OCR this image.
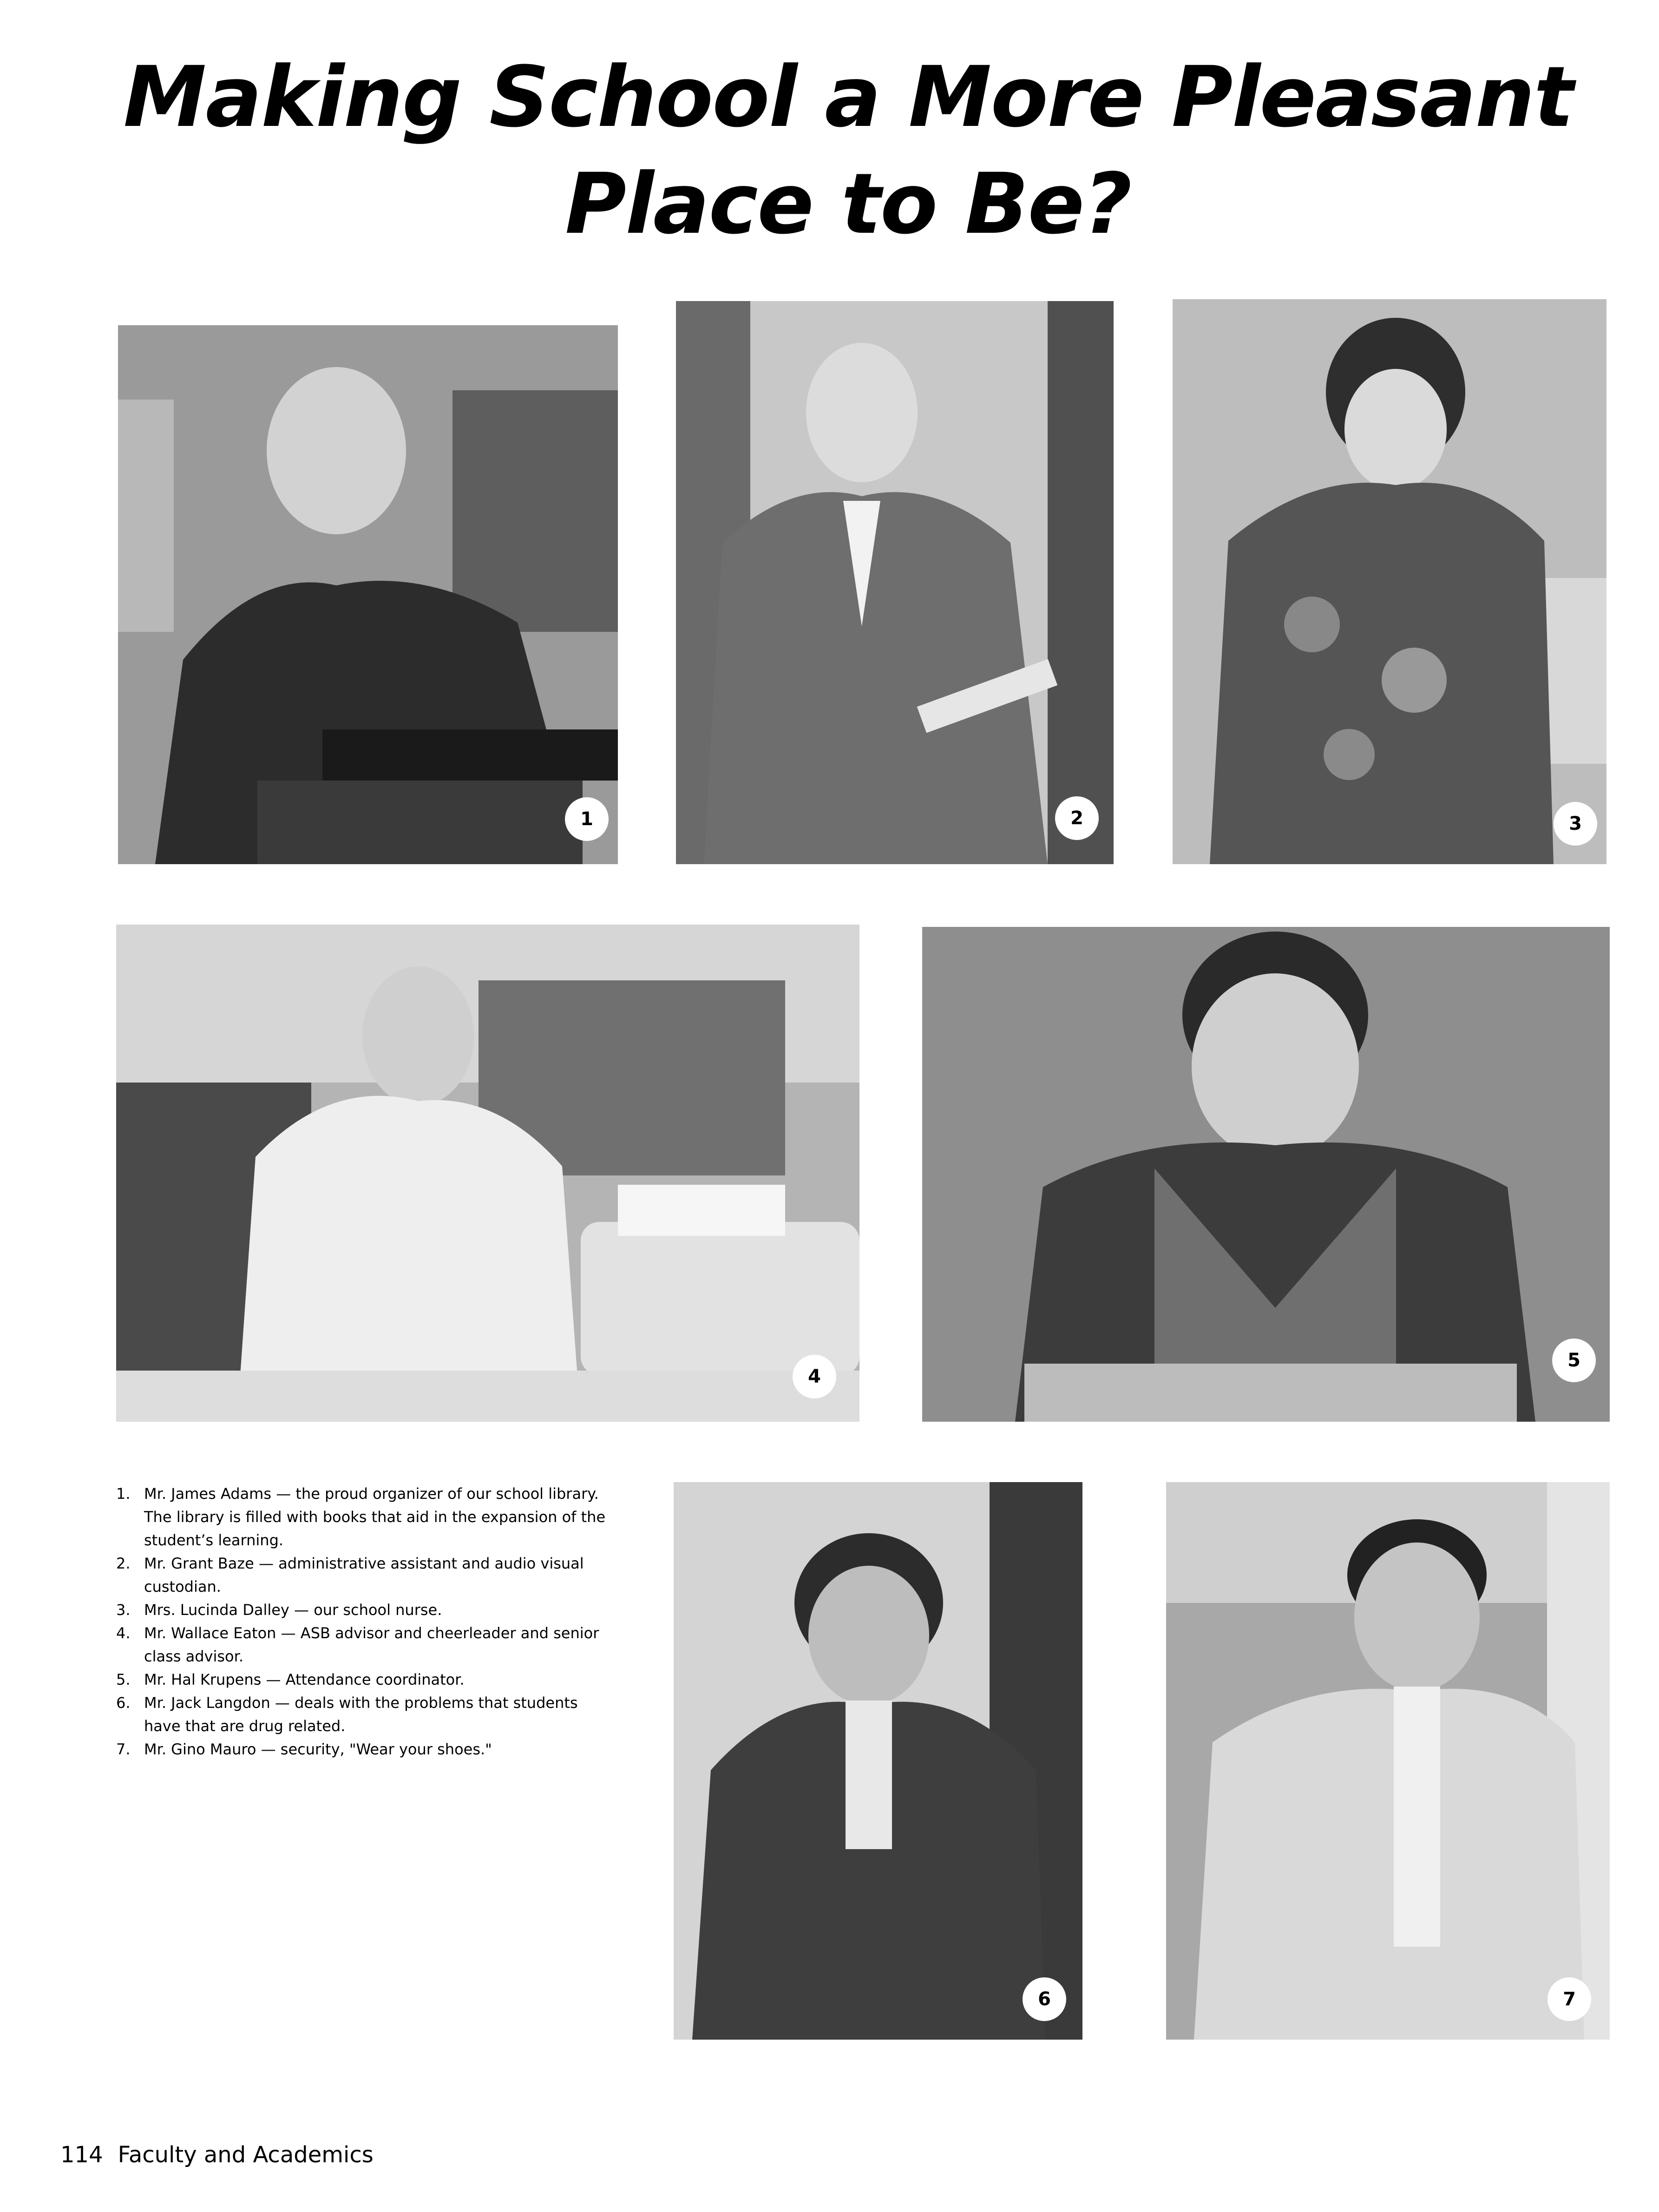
Making School a More Pleasant
Place to Be?
1	2	3
4
5
6	7
1. Mr. James Adams — the proud organizer of our school library. The library is filled with books that aid in the expansion of the student’s learning.
2. Mr. Grant Baze — administrative assistant and audio visual custodian.
3. Mrs. Lucinda Dalley — our school nurse.
4. Mr. Wallace Eaton — ASB advisor and cheerleader and senior class advisor.
5. Mr. Hal Krupens — Attendance coordinator.
6. Mr. Jack Langdon — deals with the problems that students have that are drug related.
7. Mr. Gino Mauro — security, "Wear your shoes."
114 Faculty and Academics
